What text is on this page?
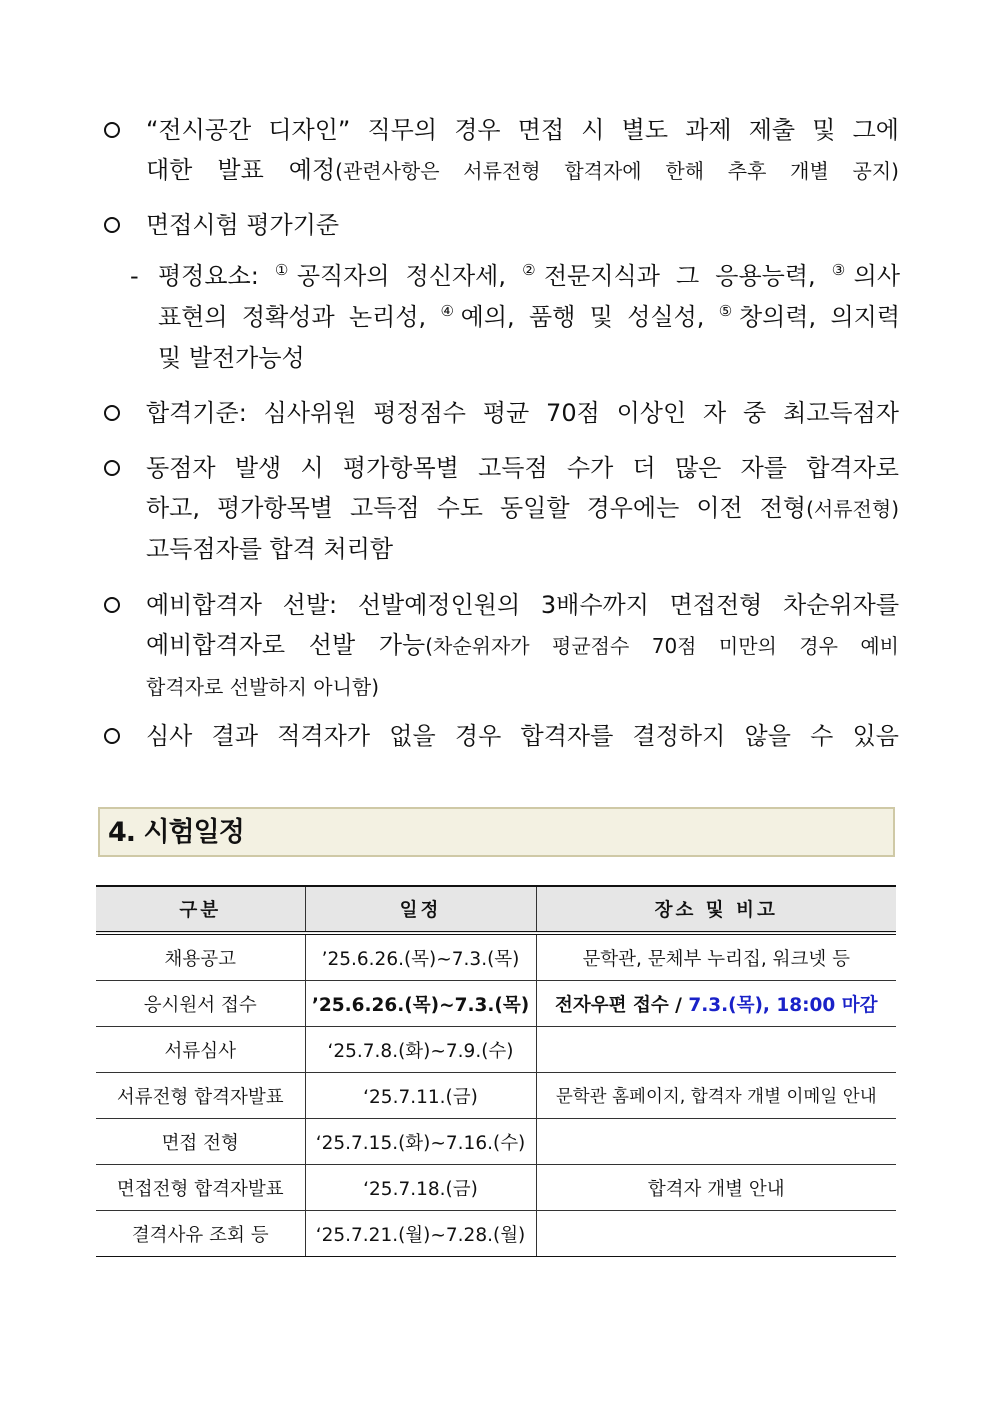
“전시공간 디자인” 직무의 경우 면접 시 별도 과제 제출 및 그에
대한 발표 예정(관련사항은 서류전형 합격자에 한해 추후 개별 공지)
면접시험 평가기준
- 평정요소: ①공직자의 정신자세, ②전문지식과 그 응용능력, ③의사
표현의 정확성과 논리성, ④예의, 품행 및 성실성, ⑤창의력, 의지력
및 발전가능성
합격기준: 심사위원 평정점수 평균 70점 이상인 자 중 최고득점자
동점자 발생 시 평가항목별 고득점 수가 더 많은 자를 합격자로
하고, 평가항목별 고득점 수도 동일할 경우에는 이전 전형(서류전형)
고득점자를 합격 처리함
예비합격자 선발: 선발예정인원의 3배수까지 면접전형 차순위자를
예비합격자로 선발 가능(차순위자가 평균점수 70점 미만의 경우 예비
합격자로 선발하지 아니함)
심사 결과 적격자가 없을 경우 합격자를 결정하지 않을 수 있음
4. 시험일정
구분	일정	장소 및 비고
채용공고	’25.6.26.(목)~7.3.(목)	문학관, 문체부 누리집, 워크넷 등
응시원서 접수	’25.6.26.(목)~7.3.(목)	전자우편 접수 / 7.3.(목), 18:00 마감
서류심사	‘25.7.8.(화)~7.9.(수)	
서류전형 합격자발표	‘25.7.11.(금)	문학관 홈페이지, 합격자 개별 이메일 안내
면접 전형	‘25.7.15.(화)~7.16.(수)	
면접전형 합격자발표	‘25.7.18.(금)	합격자 개별 안내
결격사유 조회 등	‘25.7.21.(월)~7.28.(월)	
